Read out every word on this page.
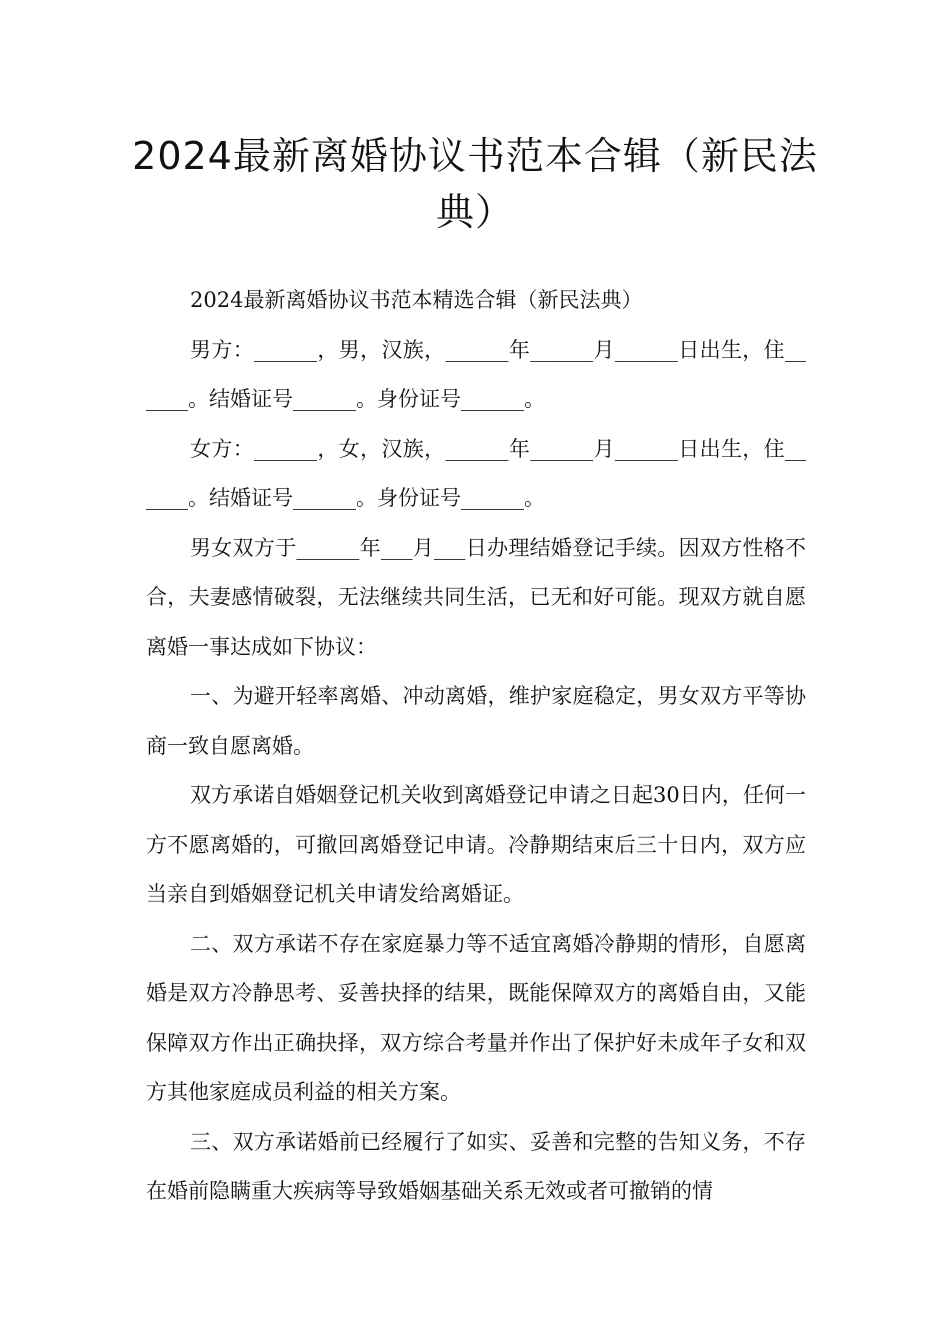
2024最新离婚协议书范本合辑（新民法典）

2024最新离婚协议书范本精选合辑（新民法典）

男方：______，男，汉族，______年______月______日出生，住______。结婚证号______。身份证号______。

女方：______，女，汉族，______年______月______日出生，住______。结婚证号______。身份证号______。

男女双方于______年___月___日办理结婚登记手续。因双方性格不合，夫妻感情破裂，无法继续共同生活，已无和好可能。现双方就自愿离婚一事达成如下协议：

一、为避开轻率离婚、冲动离婚，维护家庭稳定，男女双方平等协商一致自愿离婚。

双方承诺自婚姻登记机关收到离婚登记申请之日起30日内，任何一方不愿离婚的，可撤回离婚登记申请。冷静期结束后三十日内，双方应当亲自到婚姻登记机关申请发给离婚证。

二、双方承诺不存在家庭暴力等不适宜离婚冷静期的情形，自愿离婚是双方冷静思考、妥善抉择的结果，既能保障双方的离婚自由，又能保障双方作出正确抉择，双方综合考量并作出了保护好未成年子女和双方其他家庭成员利益的相关方案。

三、双方承诺婚前已经履行了如实、妥善和完整的告知义务，不存在婚前隐瞒重大疾病等导致婚姻基础关系无效或者可撤销的情
